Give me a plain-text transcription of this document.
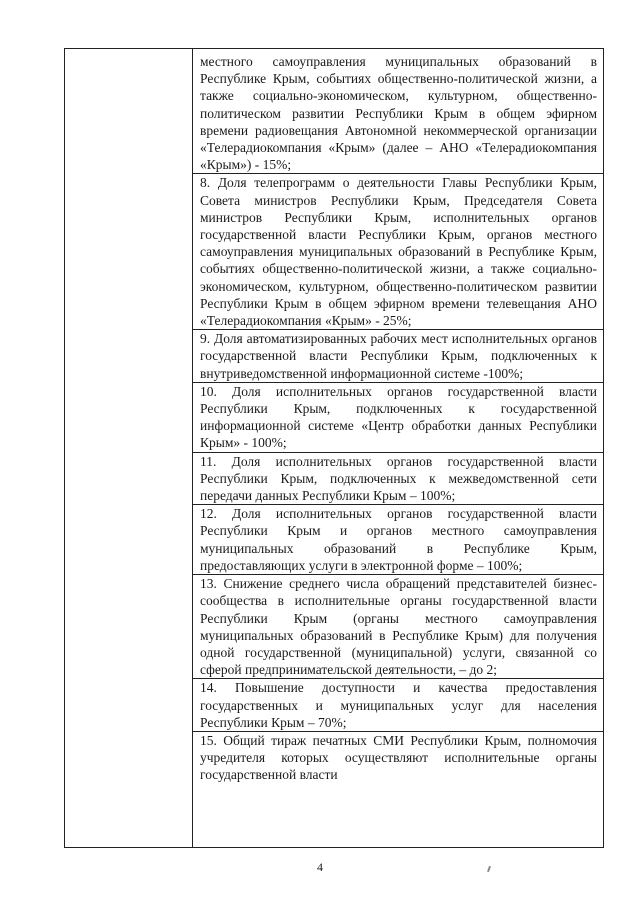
местного самоуправления муниципальных образований в Республике Крым, событиях общественно-политической жизни, а также социально-экономическом, культурном, общественно-политическом развитии Республики Крым в общем эфирном времени радиовещания Автономной некоммерческой организации «Телерадиокомпания «Крым» (далее – АНО «Телерадиокомпания «Крым») - 15%;

8. Доля телепрограмм о деятельности Главы Республики Крым, Совета министров Республики Крым, Председателя Совета министров Республики Крым, исполнительных органов государственной власти Республики Крым, органов местного самоуправления муниципальных образований в Республике Крым, событиях общественно-политической жизни, а также социально-экономическом, культурном, общественно-политическом развитии Республики Крым в общем эфирном времени телевещания АНО «Телерадиокомпания «Крым» - 25%;

9. Доля автоматизированных рабочих мест исполнительных органов государственной власти Республики Крым, подключенных к внутриведомственной информационной системе -100%;

10. Доля исполнительных органов государственной власти Республики Крым, подключенных к государственной информационной системе «Центр обработки данных Республики Крым» - 100%;

11. Доля исполнительных органов государственной власти Республики Крым, подключенных к межведомственной сети передачи данных Республики Крым – 100%;

12. Доля исполнительных органов государственной власти Республики Крым и органов местного самоуправления муниципальных образований в Республике Крым, предоставляющих услуги в электронной форме – 100%;

13. Снижение среднего числа обращений представителей бизнес-сообщества в исполнительные органы государственной власти Республики Крым (органы местного самоуправления муниципальных образований в Республике Крым) для получения одной государственной (муниципальной) услуги, связанной со сферой предпринимательской деятельности, – до 2;

14. Повышение доступности и качества предоставления государственных и муниципальных услуг для населения Республики Крым – 70%;

15. Общий тираж печатных СМИ Республики Крым, полномочия учредителя которых осуществляют исполнительные органы государственной власти

4
